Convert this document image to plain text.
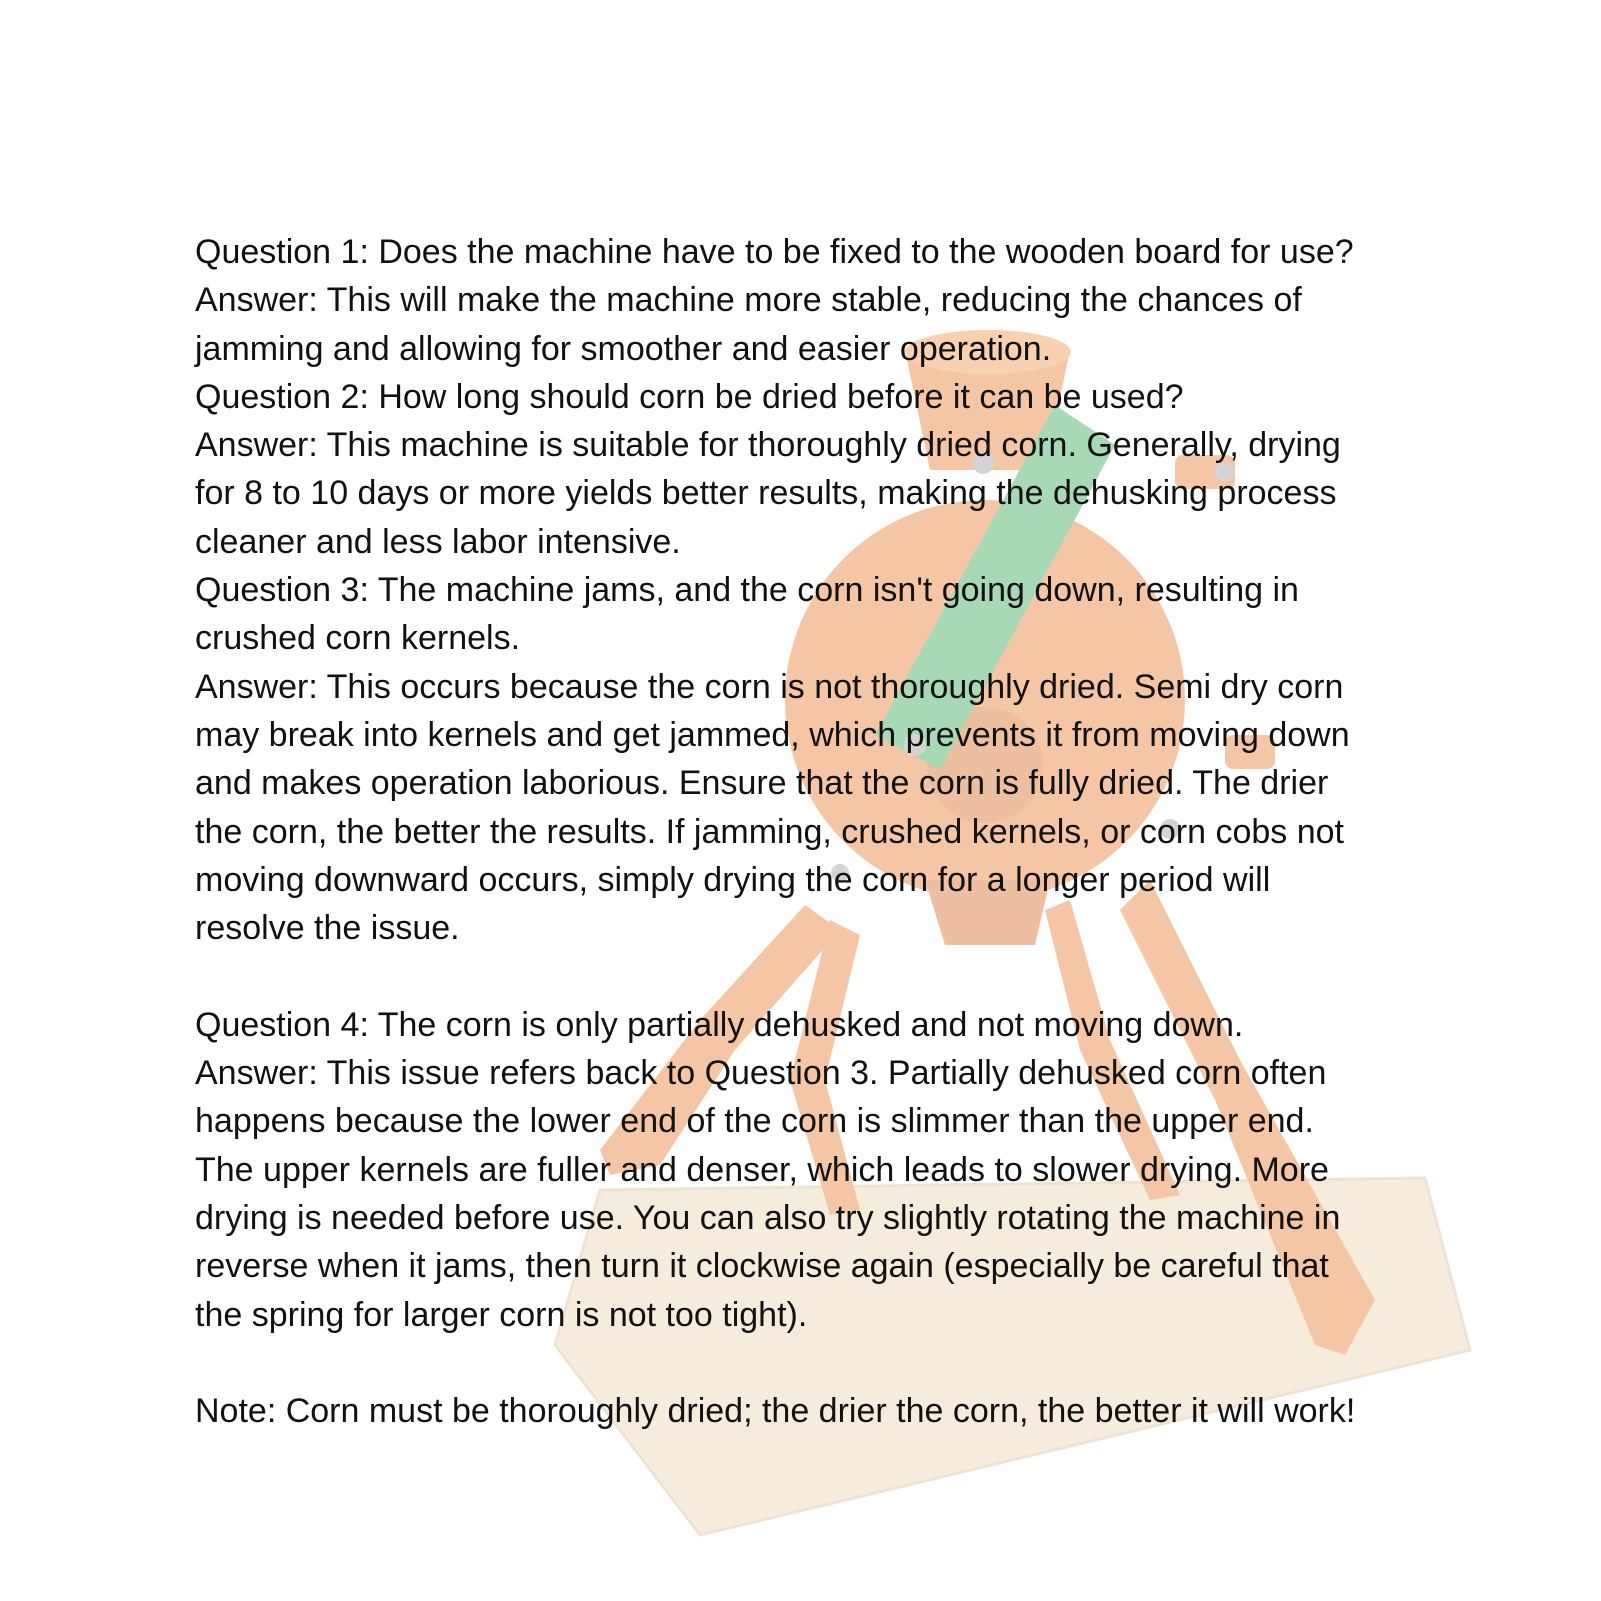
Question 1: Does the machine have to be fixed to the wooden board for use?
Answer: This will make the machine more stable, reducing the chances of
jamming and allowing for smoother and easier operation.
Question 2: How long should corn be dried before it can be used?
Answer: This machine is suitable for thoroughly dried corn. Generally, drying
for 8 to 10 days or more yields better results, making the dehusking process
cleaner and less labor intensive.
Question 3: The machine jams, and the corn isn't going down, resulting in
crushed corn kernels.
Answer: This occurs because the corn is not thoroughly dried. Semi dry corn
may break into kernels and get jammed, which prevents it from moving down
and makes operation laborious. Ensure that the corn is fully dried. The drier
the corn, the better the results. If jamming, crushed kernels, or corn cobs not
moving downward occurs, simply drying the corn for a longer period will
resolve the issue.
Question 4: The corn is only partially dehusked and not moving down.
Answer: This issue refers back to Question 3. Partially dehusked corn often
happens because the lower end of the corn is slimmer than the upper end.
The upper kernels are fuller and denser, which leads to slower drying. More
drying is needed before use. You can also try slightly rotating the machine in
reverse when it jams, then turn it clockwise again (especially be careful that
the spring for larger corn is not too tight).
Note: Corn must be thoroughly dried; the drier the corn, the better it will work!
